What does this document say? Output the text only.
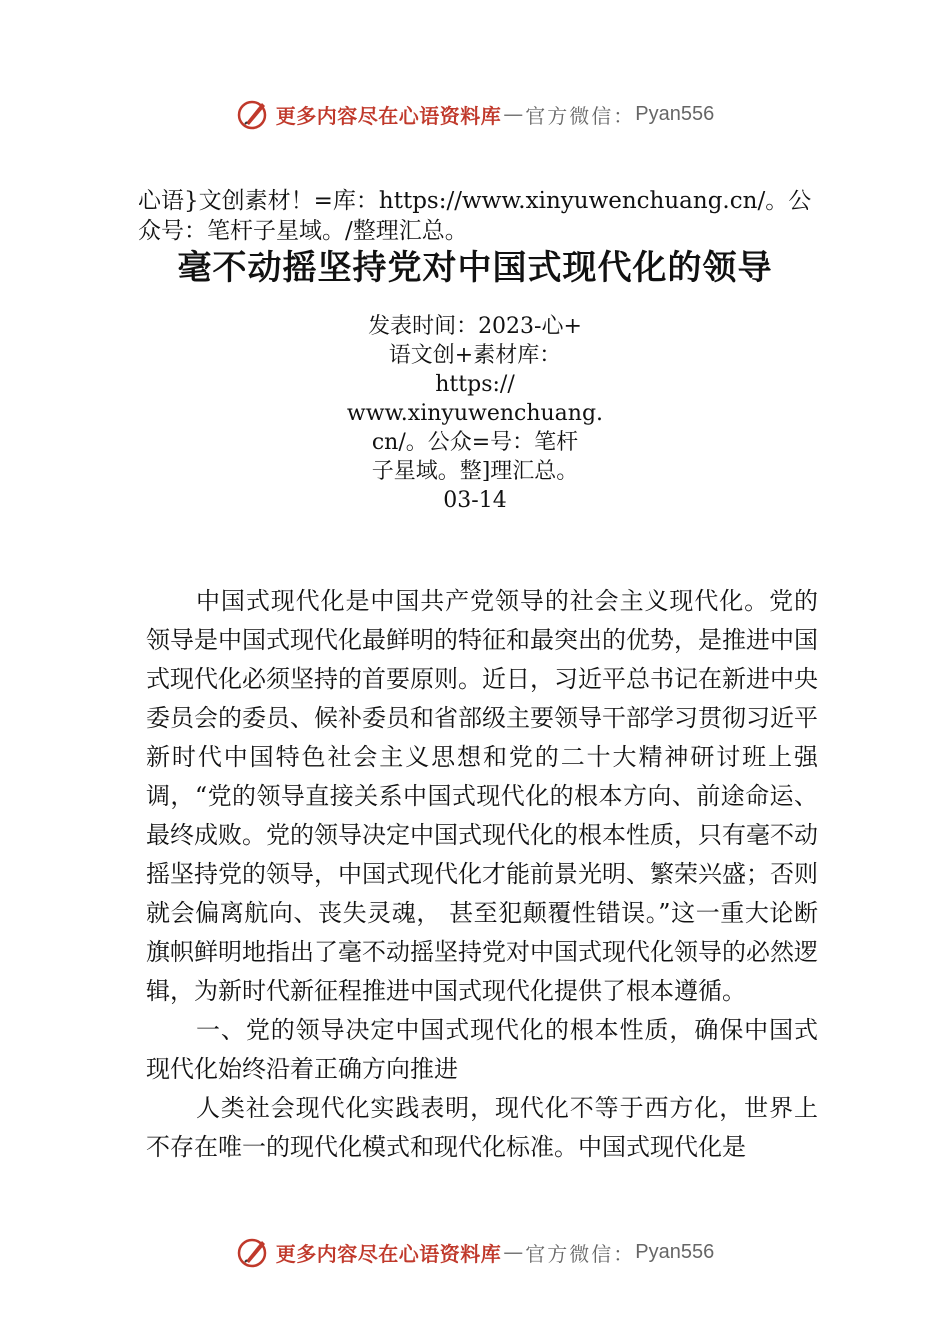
更多内容尽在心语资料库 — 官方微信： Pyan556
心语}文创素材！=库：https://www.xinyuwenchuang.cn/。公众号：笔杆子星域。/整理汇总。
毫不动摇坚持党对中国式现代化的领导
发表时间：2023-心+
语文创+素材库：
https://
www.xinyuwenchuang.
cn/。公众=号：笔杆
子星域。整]理汇总。
03-14

中国式现代化是中国共产党领导的社会主义现代化。党的领导是中国式现代化最鲜明的特征和最突出的优势，是推进中国式现代化必须坚持的首要原则。近日，习近平总书记在新进中央委员会的委员、候补委员和省部级主要领导干部学习贯彻习近平新时代中国特色社会主义思想和党的二十大精神研讨班上强调，“党的领导直接关系中国式现代化的根本方向、前途命运、最终成败。党的领导决定中国式现代化的根本性质，只有毫不动摇坚持党的领导，中国式现代化才能前景光明、繁荣兴盛；否则就会偏离航向、丧失灵魂， 甚至犯颠覆性错误。”这一重大论断旗帜鲜明地指出了毫不动摇坚持党对中国式现代化领导的必然逻辑，为新时代新征程推进中国式现代化提供了根本遵循。

一、党的领导决定中国式现代化的根本性质，确保中国式现代化始终沿着正确方向推进

人类社会现代化实践表明，现代化不等于西方化，世界上不存在唯一的现代化模式和现代化标准。中国式现代化是

更多内容尽在心语资料库 — 官方微信： Pyan556
